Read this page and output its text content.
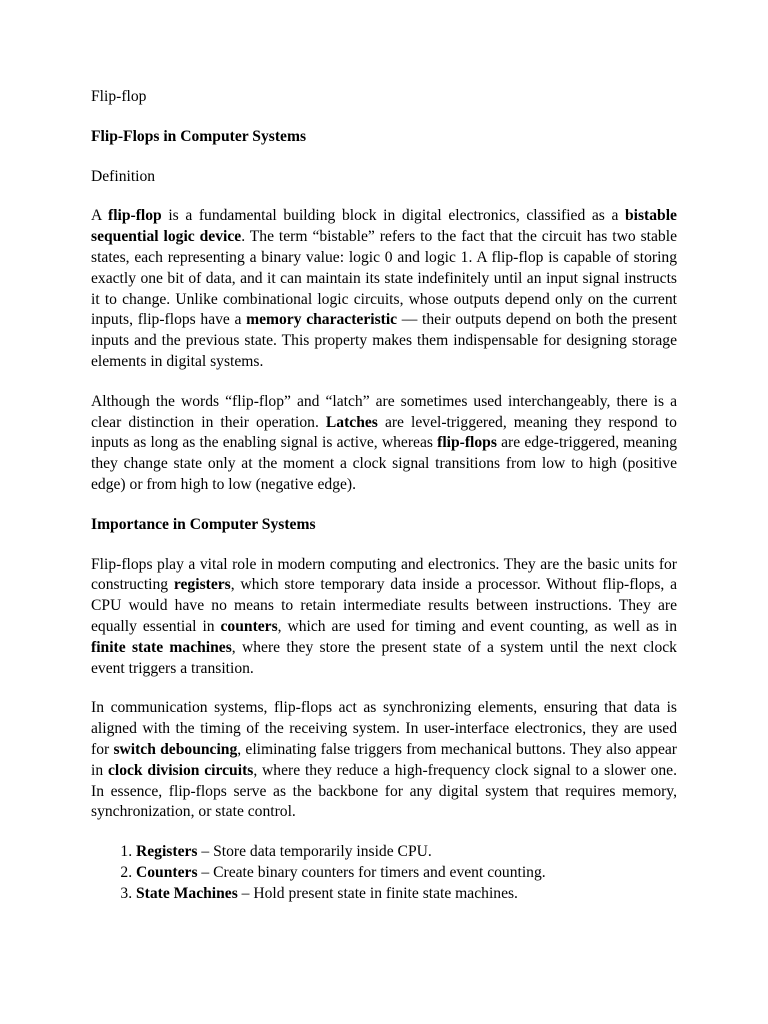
Flip-flop
Flip-Flops in Computer Systems
Definition
A flip-flop is a fundamental building block in digital electronics, classified as a bistable sequential logic device. The term “bistable” refers to the fact that the circuit has two stable states, each representing a binary value: logic 0 and logic 1. A flip-flop is capable of storing exactly one bit of data, and it can maintain its state indefinitely until an input signal instructs it to change. Unlike combinational logic circuits, whose outputs depend only on the current inputs, flip-flops have a memory characteristic — their outputs depend on both the present inputs and the previous state. This property makes them indispensable for designing storage elements in digital systems.
Although the words “flip-flop” and “latch” are sometimes used interchangeably, there is a clear distinction in their operation. Latches are level-triggered, meaning they respond to inputs as long as the enabling signal is active, whereas flip-flops are edge-triggered, meaning they change state only at the moment a clock signal transitions from low to high (positive edge) or from high to low (negative edge).
Importance in Computer Systems
Flip-flops play a vital role in modern computing and electronics. They are the basic units for constructing registers, which store temporary data inside a processor. Without flip-flops, a CPU would have no means to retain intermediate results between instructions. They are equally essential in counters, which are used for timing and event counting, as well as in finite state machines, where they store the present state of a system until the next clock event triggers a transition.
In communication systems, flip-flops act as synchronizing elements, ensuring that data is aligned with the timing of the receiving system. In user-interface electronics, they are used for switch debouncing, eliminating false triggers from mechanical buttons. They also appear in clock division circuits, where they reduce a high-frequency clock signal to a slower one. In essence, flip-flops serve as the backbone for any digital system that requires memory, synchronization, or state control.
1. Registers – Store data temporarily inside CPU.
2. Counters – Create binary counters for timers and event counting.
3. State Machines – Hold present state in finite state machines.
